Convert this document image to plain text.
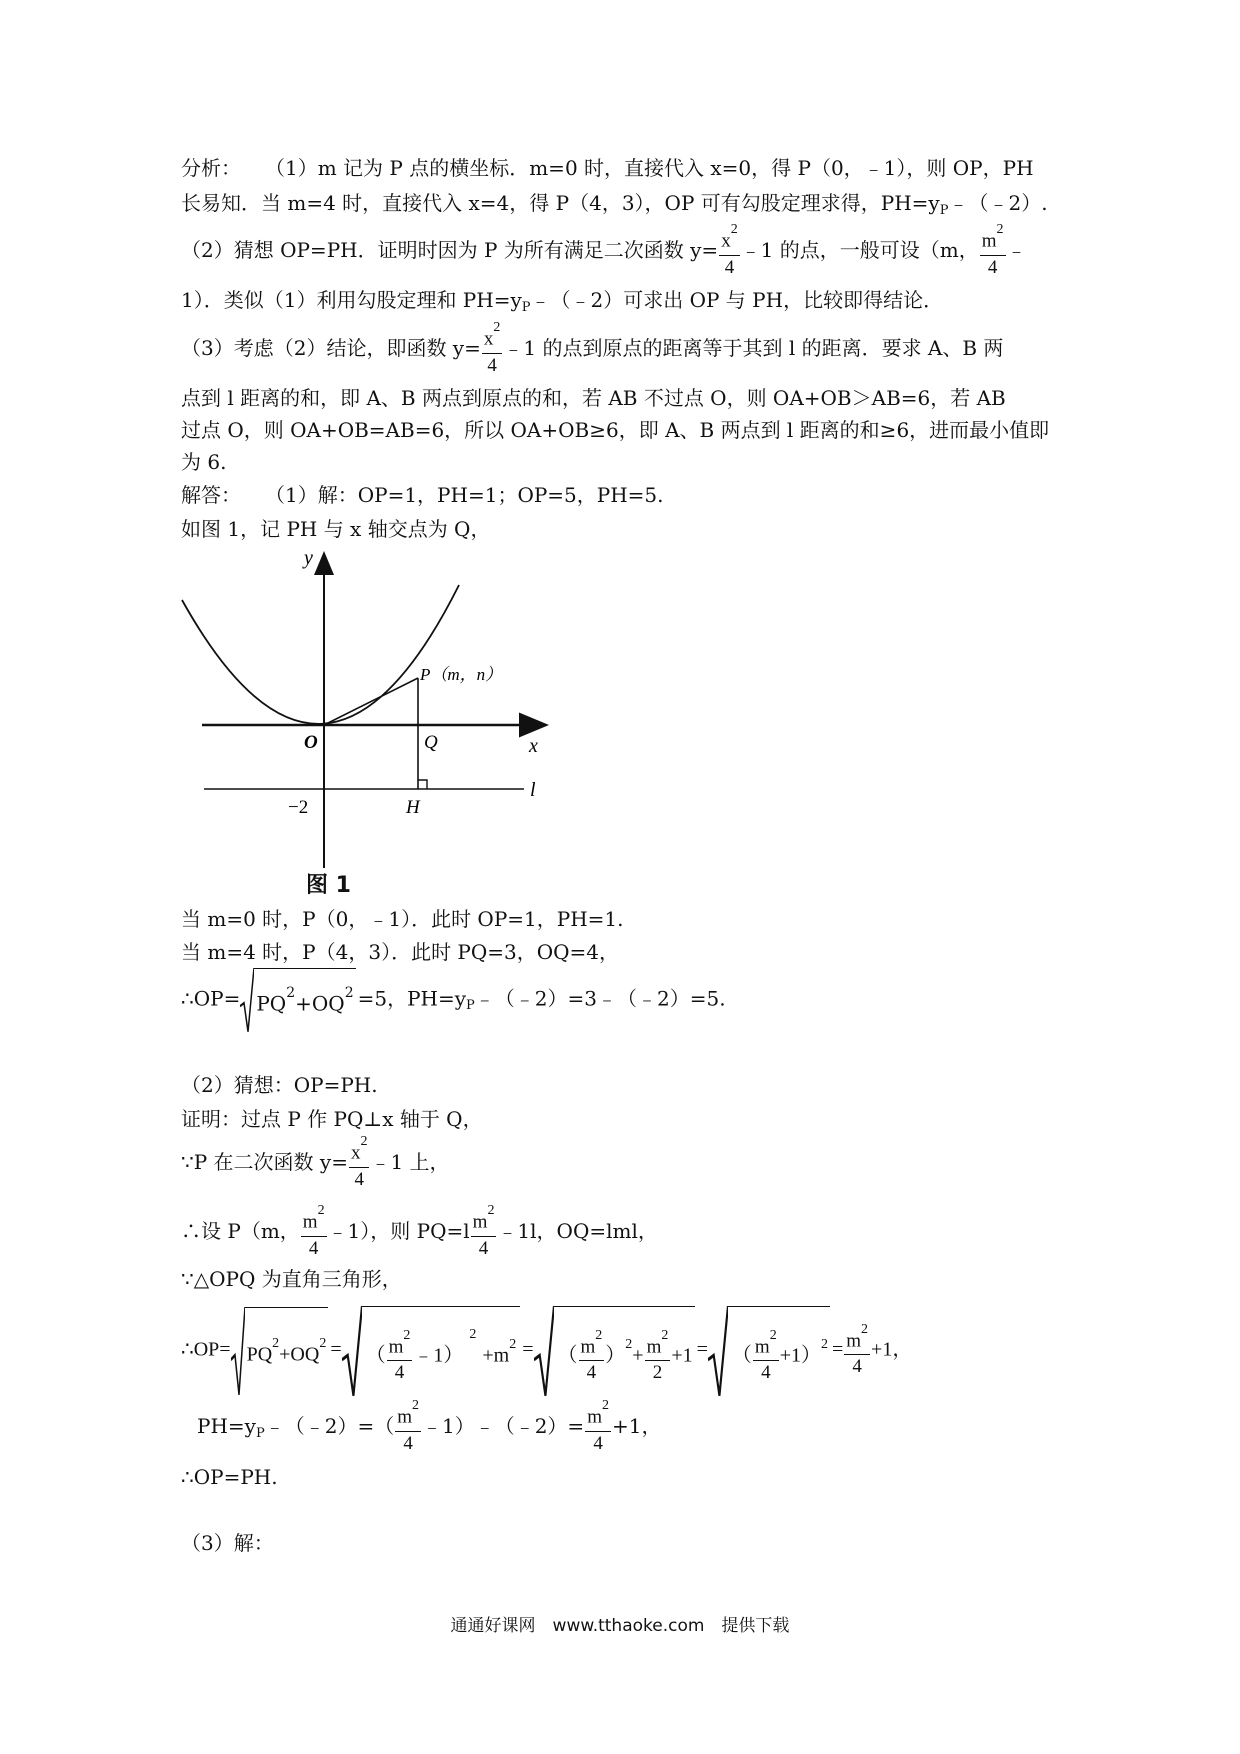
分析： （1）m 记为 P 点的横坐标．m=0 时，直接代入 x=0，得 P（0，﹣1），则 OP，PH
长易知．当 m=4 时，直接代入 x=4，得 P（4，3），OP 可有勾股定理求得，$PH=y_P﹣(﹣2)$.
（2）猜想 OP=PH．证明时因为 P 为所有满足二次函数 $y= \frac{x^2}{4}$ ﹣1 的点，一般可设（m， $\frac{m^2}{4}$ ﹣
1）．类似（1）利用勾股定理和 $PH=y_P﹣(﹣2)$可求出 OP 与 PH，比较即得结论．
（3）考虑（2）结论，即函数 $y= \frac{x^2}{4}$ ﹣1 的点到原点的距离等于其到 l 的距离．要求 A、B 两
点到 l 距离的和，即 A、B 两点到原点的和，若 AB 不过点 O，则 OA+OB＞AB=6，若 AB
过点 O，则 OA+OB=AB=6，所以 OA+OB≥6，即 A、B 两点到 l 距离的和≥6，进而最小值即
为 6.
解答： （1）解：OP=1，PH=1；OP=5，PH=5.
如图 1，记 PH 与 x 轴交点为 Q，
y
x
O	Q
P（m，n）
H
−2
l
图 1
当 m=0 时，P（0，﹣1）．此时 OP=1，PH=1.
当 m=4 时，P（4，3）．此时 PQ=3，OQ=4，
∴OP= $PQ^2+OQ^2 =5$，$PH=y_P﹣(﹣2)=3﹣(﹣2)=5$.
（2）猜想：OP=PH.
证明：过点 P 作 PQ⊥x 轴于 Q，
∵P 在二次函数 $y= \frac{x^2}{4}$ ﹣1 上，
∴设 P（m， $\frac{m^2}{4}$ ﹣1），则 $PQ=l \frac{m^2}{4}$ ﹣1l，OQ=lml，
∵△OPQ 为直角三角形，
∴OP= $PQ^2+OQ^2$ = （ $\frac{m^2}{4}$ $﹣1)^2+m^2$ = （ $\frac{m^2}{4} )^2+ \frac{m^2}{2} +1$ = （ $\frac{m^2}{4} +1)^2 = \frac{m^2}{4} +1$，
$PH=y_P﹣(﹣2)=( \frac{m^2}{4}$ ﹣1）﹣（﹣2）= $\frac{m^2}{4} +1$，
∴OP=PH.
（3）解：
通通好课网　www.tthaoke.com　提供下载
